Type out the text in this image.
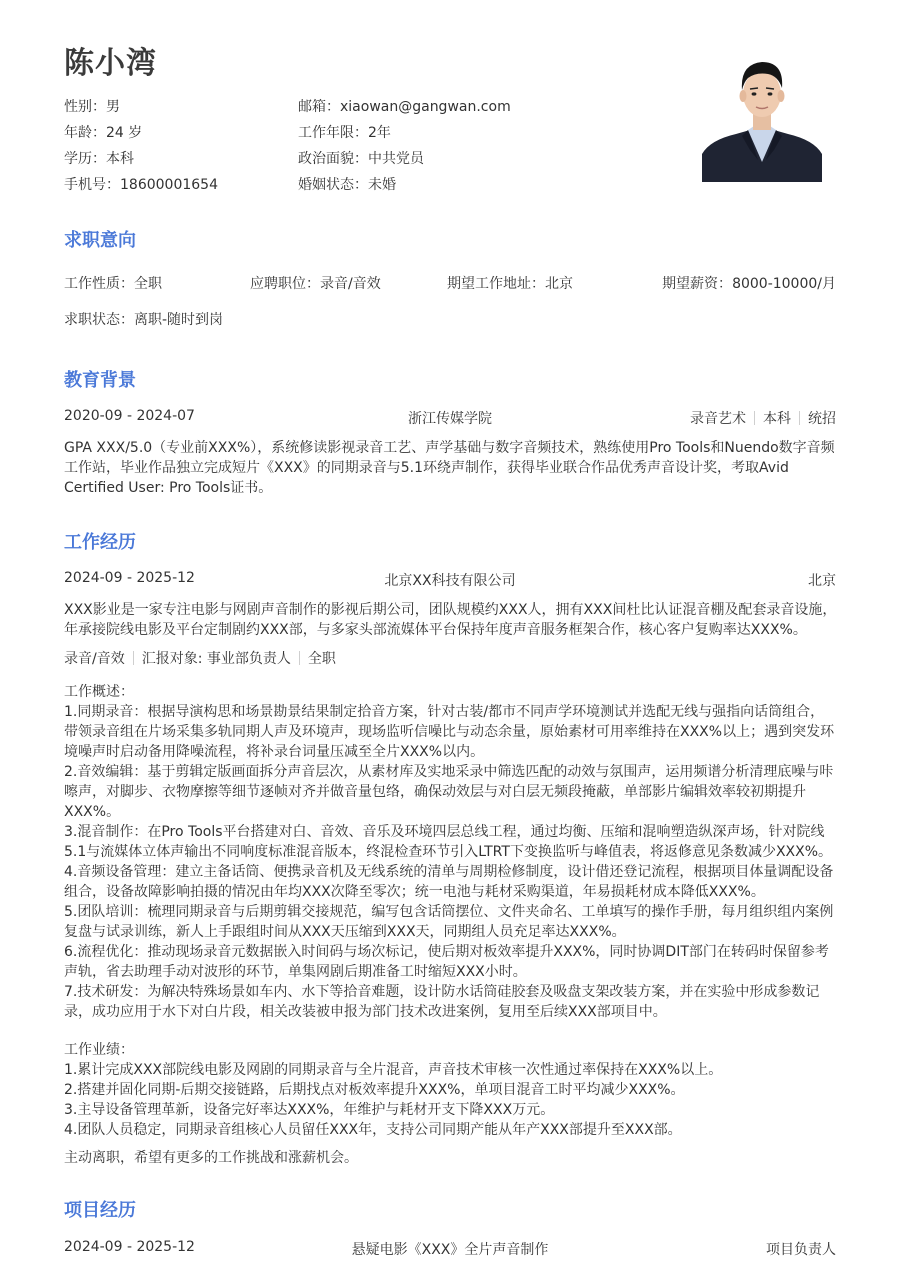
陈小湾
性别：男	邮箱：xiaowan@gangwan.com
年龄：24 岁	工作年限：2年
学历：本科	政治面貌：中共党员
手机号：18600001654	婚姻状态：未婚
求职意向
工作性质：全职	应聘职位：录音/音效	期望工作地址：北京	期望薪资：8000-10000/月
求职状态：离职-随时到岗
教育背景
2020-09 - 2024-07	浙江传媒学院	录音艺术 本科 统招
GPA XXX/5.0（专业前XXX%），系统修读影视录音工艺、声学基础与数字音频技术，熟练使用Pro Tools和Nuendo数字音频
工作站，毕业作品独立完成短片《XXX》的同期录音与5.1环绕声制作，获得毕业联合作品优秀声音设计奖，考取Avid
Certified User: Pro Tools证书。
工作经历
2024-09 - 2025-12	北京XX科技有限公司	北京
XXX影业是一家专注电影与网剧声音制作的影视后期公司，团队规模约XXX人，拥有XXX间杜比认证混音棚及配套录音设施，
年承接院线电影及平台定制剧约XXX部，与多家头部流媒体平台保持年度声音服务框架合作，核心客户复购率达XXX%。
录音/音效 汇报对象: 事业部负责人 全职
工作概述：
1.同期录音：根据导演构思和场景勘景结果制定拾音方案，针对古装/都市不同声学环境测试并选配无线与强指向话筒组合，
带领录音组在片场采集多轨同期人声及环境声，现场监听信噪比与动态余量，原始素材可用率维持在XXX%以上；遇到突发环
境噪声时启动备用降噪流程，将补录台词量压减至全片XXX%以内。
2.音效编辑：基于剪辑定版画面拆分声音层次，从素材库及实地采录中筛选匹配的动效与氛围声，运用频谱分析清理底噪与咔
嚓声，对脚步、衣物摩擦等细节逐帧对齐并做音量包络，确保动效层与对白层无频段掩蔽，单部影片编辑效率较初期提升
XXX%。
3.混音制作：在Pro Tools平台搭建对白、音效、音乐及环境四层总线工程，通过均衡、压缩和混响塑造纵深声场，针对院线
5.1与流媒体立体声输出不同响度标准混音版本，终混检查环节引入LTRT下变换监听与峰值表，将返修意见条数减少XXX%。
4.音频设备管理：建立主备话筒、便携录音机及无线系统的清单与周期检修制度，设计借还登记流程，根据项目体量调配设备
组合，设备故障影响拍摄的情况由年均XXX次降至零次；统一电池与耗材采购渠道，年易损耗材成本降低XXX%。
5.团队培训：梳理同期录音与后期剪辑交接规范，编写包含话筒摆位、文件夹命名、工单填写的操作手册，每月组织组内案例
复盘与试录训练，新人上手跟组时间从XXX天压缩到XXX天，同期组人员充足率达XXX%。
6.流程优化：推动现场录音元数据嵌入时间码与场次标记，使后期对板效率提升XXX%，同时协调DIT部门在转码时保留参考
声轨，省去助理手动对波形的环节，单集网剧后期准备工时缩短XXX小时。
7.技术研发：为解决特殊场景如车内、水下等拾音难题，设计防水话筒硅胶套及吸盘支架改装方案，并在实验中形成参数记
录，成功应用于水下对白片段，相关改装被申报为部门技术改进案例，复用至后续XXX部项目中。
工作业绩：
1.累计完成XXX部院线电影及网剧的同期录音与全片混音，声音技术审核一次性通过率保持在XXX%以上。
2.搭建并固化同期-后期交接链路，后期找点对板效率提升XXX%，单项目混音工时平均减少XXX%。
3.主导设备管理革新，设备完好率达XXX%，年维护与耗材开支下降XXX万元。
4.团队人员稳定，同期录音组核心人员留任XXX年，支持公司同期产能从年产XXX部提升至XXX部。
主动离职，希望有更多的工作挑战和涨薪机会。
项目经历
2024-09 - 2025-12	悬疑电影《XXX》全片声音制作	项目负责人
